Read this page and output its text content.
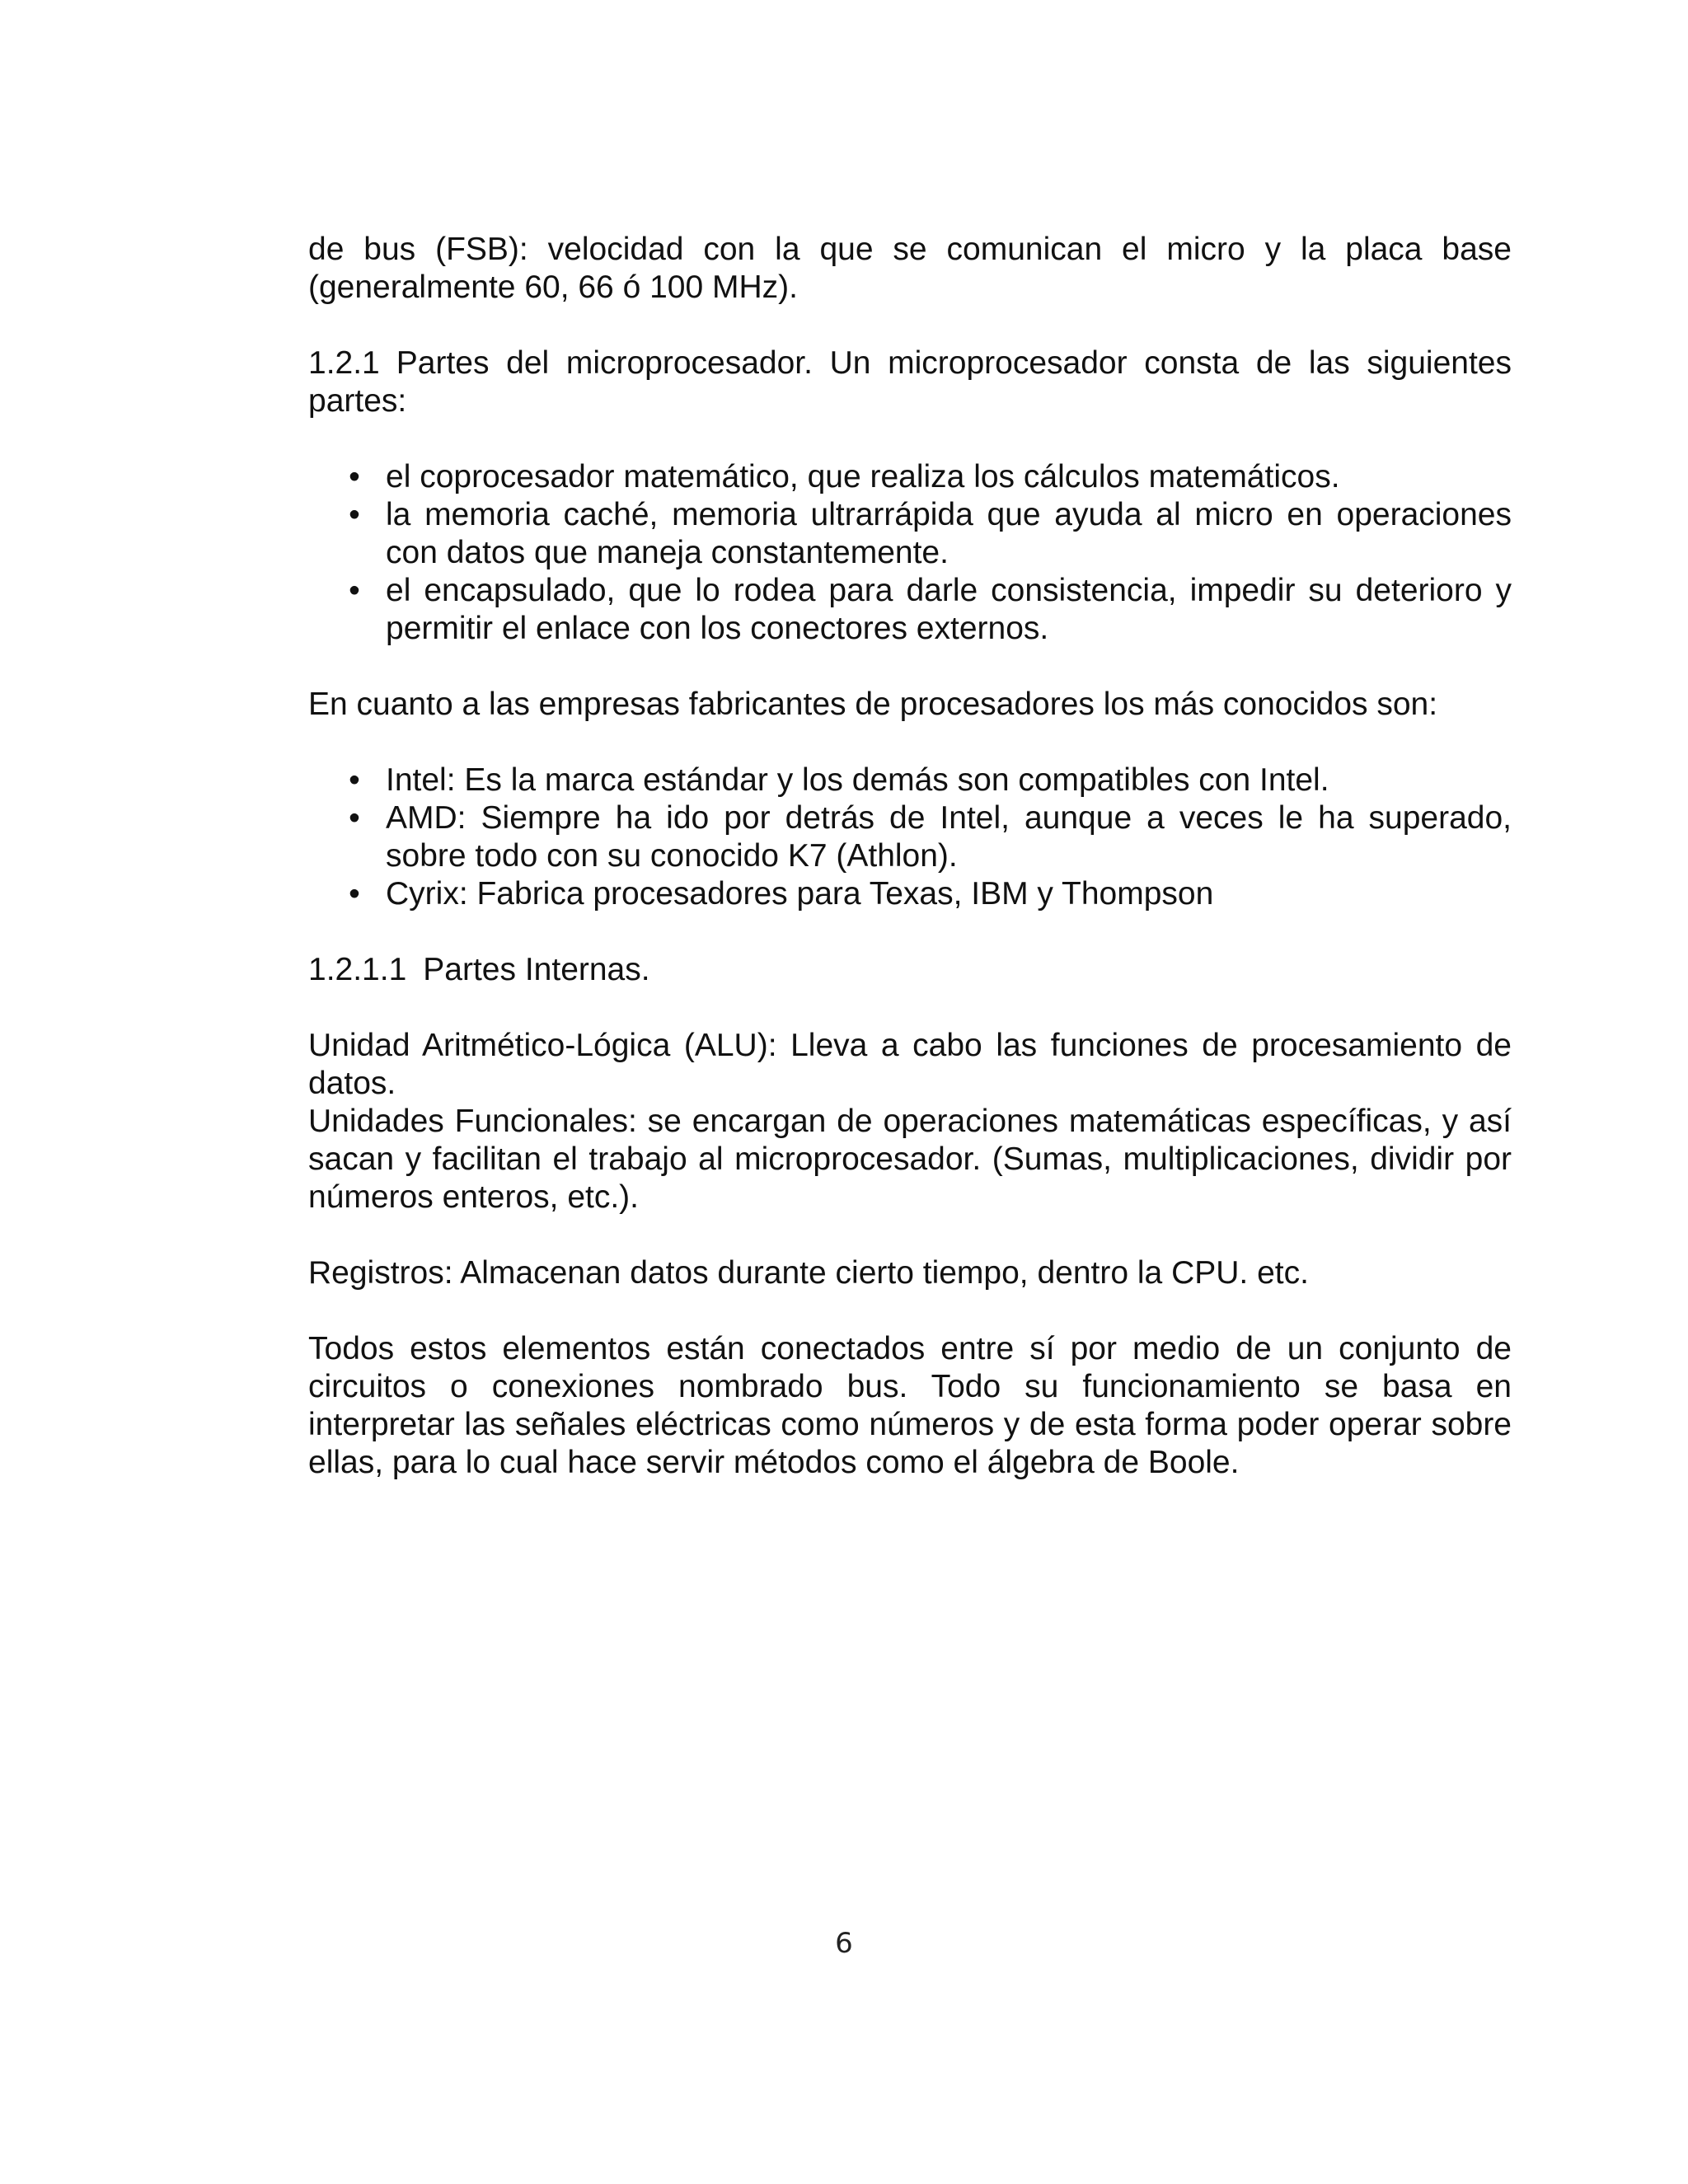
de bus (FSB): velocidad con la que se comunican el micro y la placa base (generalmente 60, 66 ó 100 MHz).

1.2.1 Partes del microprocesador. Un microprocesador consta de las siguientes partes:

• el coprocesador matemático, que realiza los cálculos matemáticos.
• la memoria caché, memoria ultrarrápida que ayuda al micro en operaciones con datos que maneja constantemente.
• el encapsulado, que lo rodea para darle consistencia, impedir su deterioro y permitir el enlace con los conectores externos.

En cuanto a las empresas fabricantes de procesadores los más conocidos son:

• Intel: Es la marca estándar y los demás son compatibles con Intel.
• AMD: Siempre ha ido por detrás de Intel, aunque a veces le ha superado, sobre todo con su conocido K7 (Athlon).
• Cyrix: Fabrica procesadores para Texas, IBM y Thompson

1.2.1.1 Partes Internas.

Unidad Aritmético-Lógica (ALU): Lleva a cabo las funciones de procesamiento de datos.

Unidades Funcionales: se encargan de operaciones matemáticas específicas, y así sacan y facilitan el trabajo al microprocesador. (Sumas, multiplicaciones, dividir por números enteros, etc.).

Registros: Almacenan datos durante cierto tiempo, dentro la CPU. etc.

Todos estos elementos están conectados entre sí por medio de un conjunto de circuitos o conexiones nombrado bus. Todo su funcionamiento se basa en interpretar las señales eléctricas como números y de esta forma poder operar sobre ellas, para lo cual hace servir métodos como el álgebra de Boole.

6
